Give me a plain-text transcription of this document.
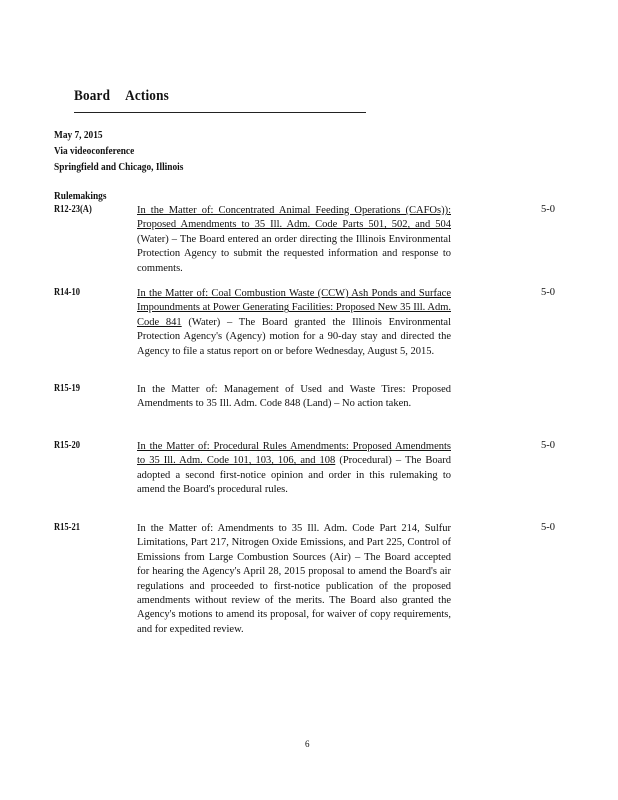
Board Actions
May 7, 2015
Via videoconference
Springfield and Chicago, Illinois
Rulemakings
R12-23(A)	In the Matter of: Concentrated Animal Feeding Operations (CAFOs)): Proposed Amendments to 35 Ill. Adm. Code Parts 501, 502, and 504 (Water) – The Board entered an order directing the Illinois Environmental Protection Agency to submit the requested information and response to comments.
5-0
R14-10	In the Matter of: Coal Combustion Waste (CCW) Ash Ponds and Surface Impoundments at Power Generating Facilities: Proposed New 35 Ill. Adm. Code 841 (Water) – The Board granted the Illinois Environmental Protection Agency's (Agency) motion for a 90-day stay and directed the Agency to file a status report on or before Wednesday, August 5, 2015.
5-0
R15-19	In the Matter of: Management of Used and Waste Tires: Proposed Amendments to 35 Ill. Adm. Code 848 (Land) – No action taken.
R15-20	In the Matter of: Procedural Rules Amendments: Proposed Amendments to 35 Ill. Adm. Code 101, 103, 106, and 108 (Procedural) – The Board adopted a second first-notice opinion and order in this rulemaking to amend the Board's procedural rules.
5-0
R15-21	In the Matter of: Amendments to 35 Ill. Adm. Code Part 214, Sulfur Limitations, Part 217, Nitrogen Oxide Emissions, and Part 225, Control of Emissions from Large Combustion Sources (Air) – The Board accepted for hearing the Agency's April 28, 2015 proposal to amend the Board's air regulations and proceeded to first-notice publication of the proposed amendments without review of the merits. The Board also granted the Agency's motions to amend its proposal, for waiver of copy requirements, and for expedited review.
5-0
6
